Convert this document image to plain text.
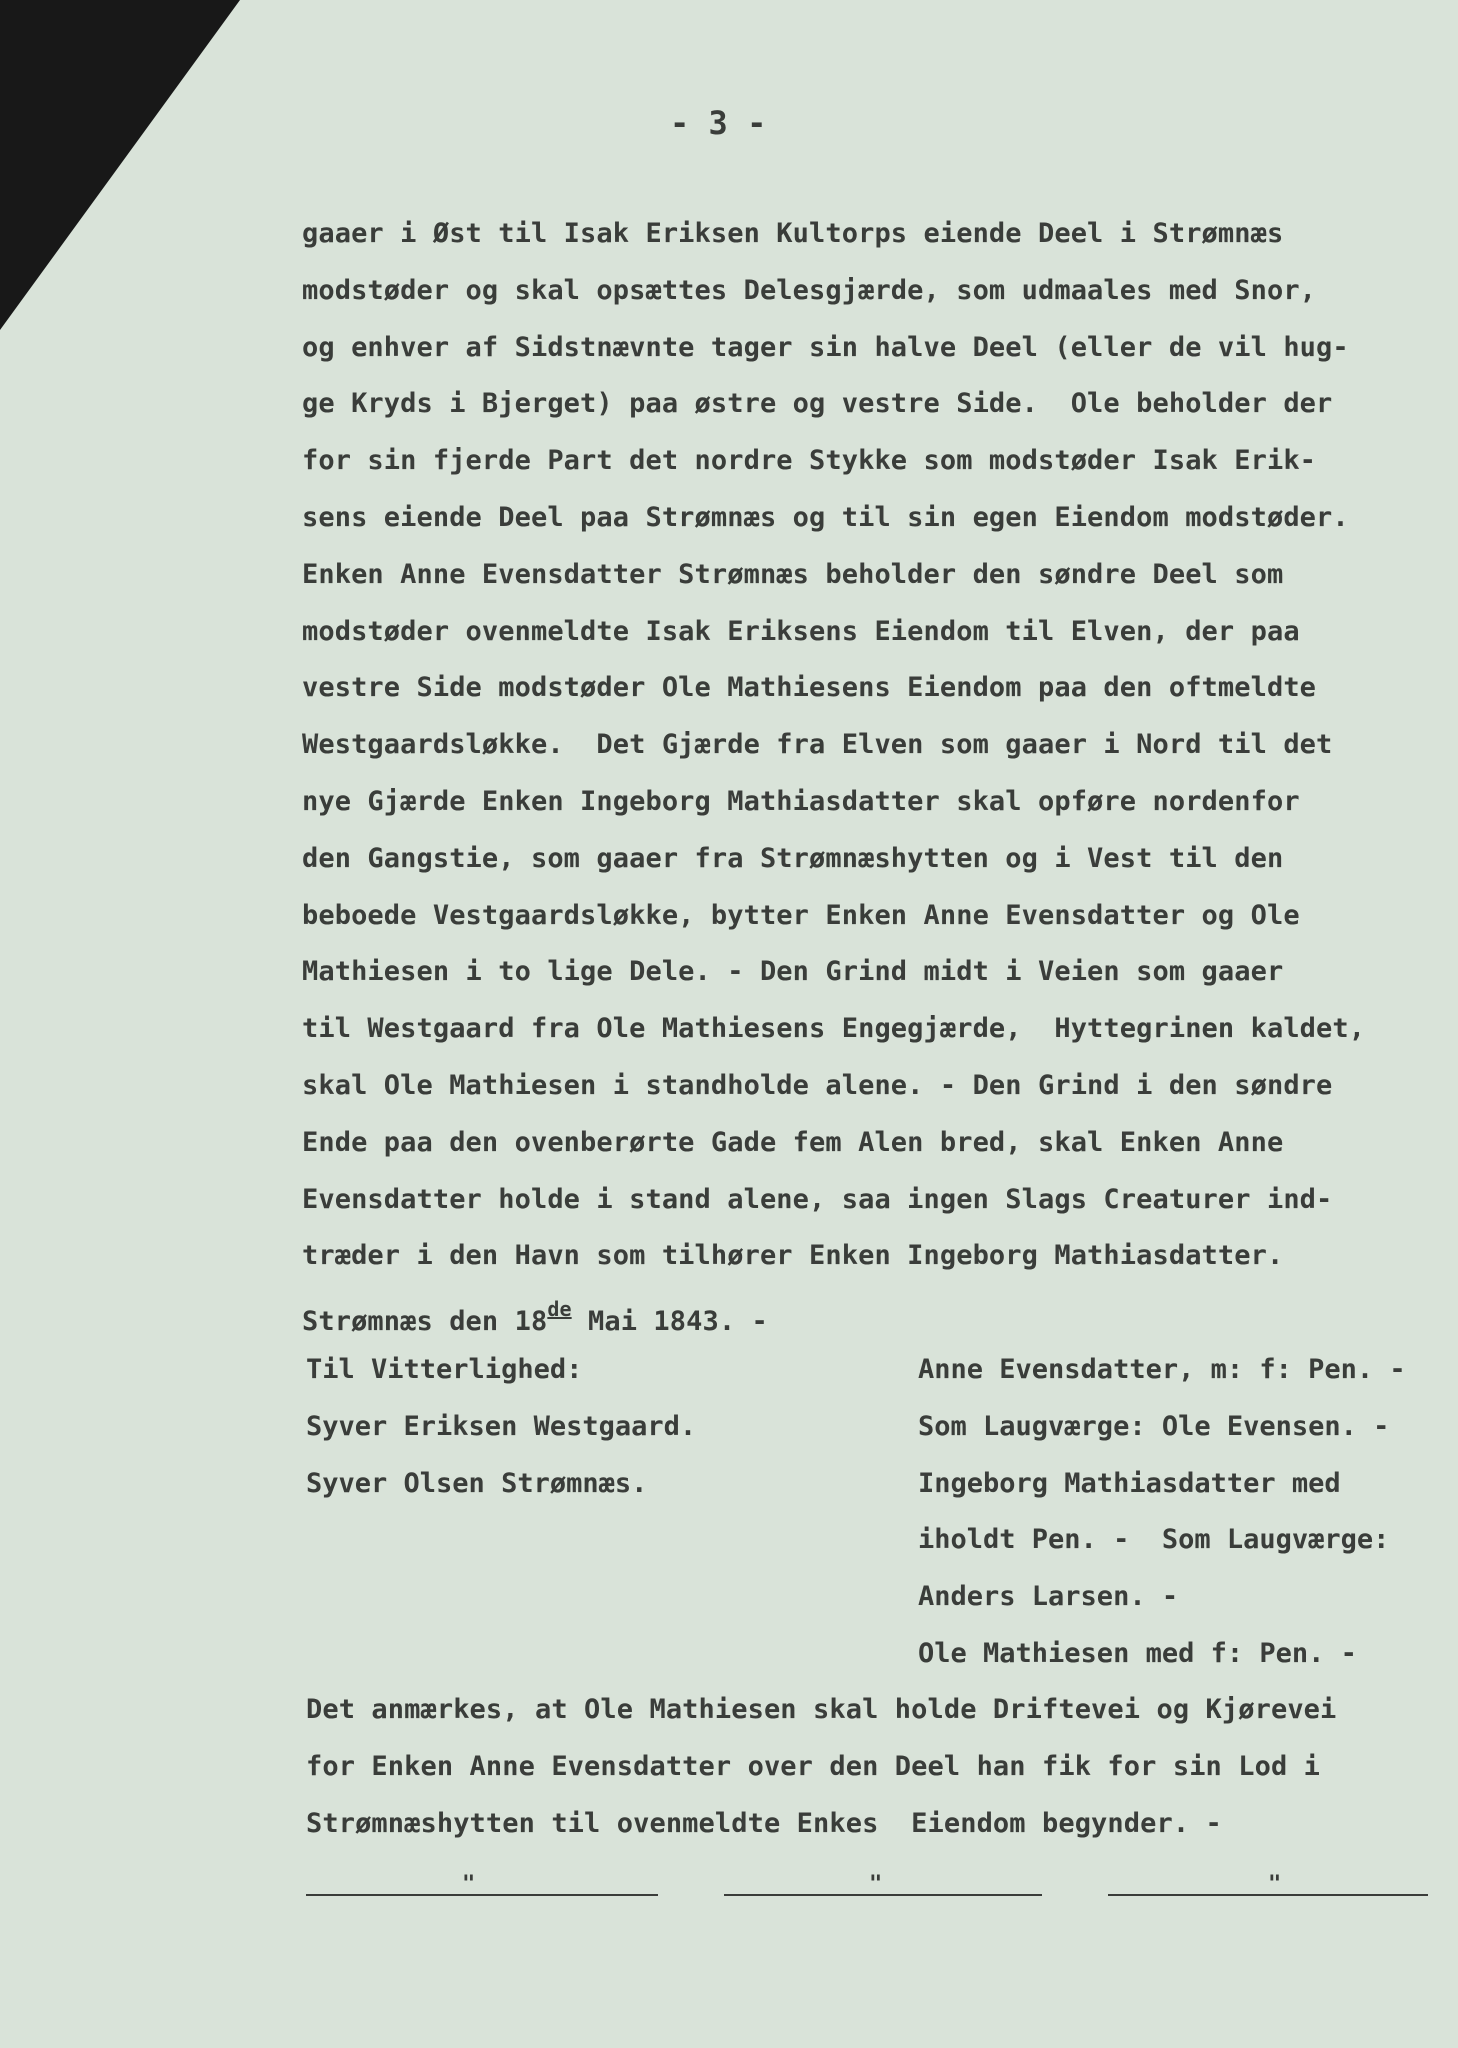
- 3 -
gaaer i Øst til Isak Eriksen Kultorps eiende Deel i Strømnæs
modstøder og skal opsættes Delesgjærde, som udmaales med Snor,
og enhver af Sidstnævnte tager sin halve Deel (eller de vil hug-
ge Kryds i Bjerget) paa østre og vestre Side.  Ole beholder der
for sin fjerde Part det nordre Stykke som modstøder Isak Erik-
sens eiende Deel paa Strømnæs og til sin egen Eiendom modstøder.
Enken Anne Evensdatter Strømnæs beholder den søndre Deel som
modstøder ovenmeldte Isak Eriksens Eiendom til Elven, der paa
vestre Side modstøder Ole Mathiesens Eiendom paa den oftmeldte
Westgaardsløkke.  Det Gjærde fra Elven som gaaer i Nord til det
nye Gjærde Enken Ingeborg Mathiasdatter skal opføre nordenfor
den Gangstie, som gaaer fra Strømnæshytten og i Vest til den
beboede Vestgaardsløkke, bytter Enken Anne Evensdatter og Ole
Mathiesen i to lige Dele. - Den Grind midt i Veien som gaaer
til Westgaard fra Ole Mathiesens Engegjærde,  Hyttegrinen kaldet,
skal Ole Mathiesen i standholde alene. - Den Grind i den søndre
Ende paa den ovenberørte Gade fem Alen bred, skal Enken Anne
Evensdatter holde i stand alene, saa ingen Slags Creaturer ind-
træder i den Havn som tilhører Enken Ingeborg Mathiasdatter.
Strømnæs den 18de Mai 1843. -
Til Vitterlighed:
Syver Eriksen Westgaard.
Syver Olsen Strømnæs.
Anne Evensdatter, m: f: Pen. -
Som Laugværge: Ole Evensen. -
Ingeborg Mathiasdatter med
iholdt Pen. -  Som Laugværge:
Anders Larsen. -
Ole Mathiesen med f: Pen. -
Det anmærkes, at Ole Mathiesen skal holde Driftevei og Kjørevei
for Enken Anne Evensdatter over den Deel han fik for sin Lod i
Strømnæshytten til ovenmeldte Enkes  Eiendom begynder. -
"	"	"
